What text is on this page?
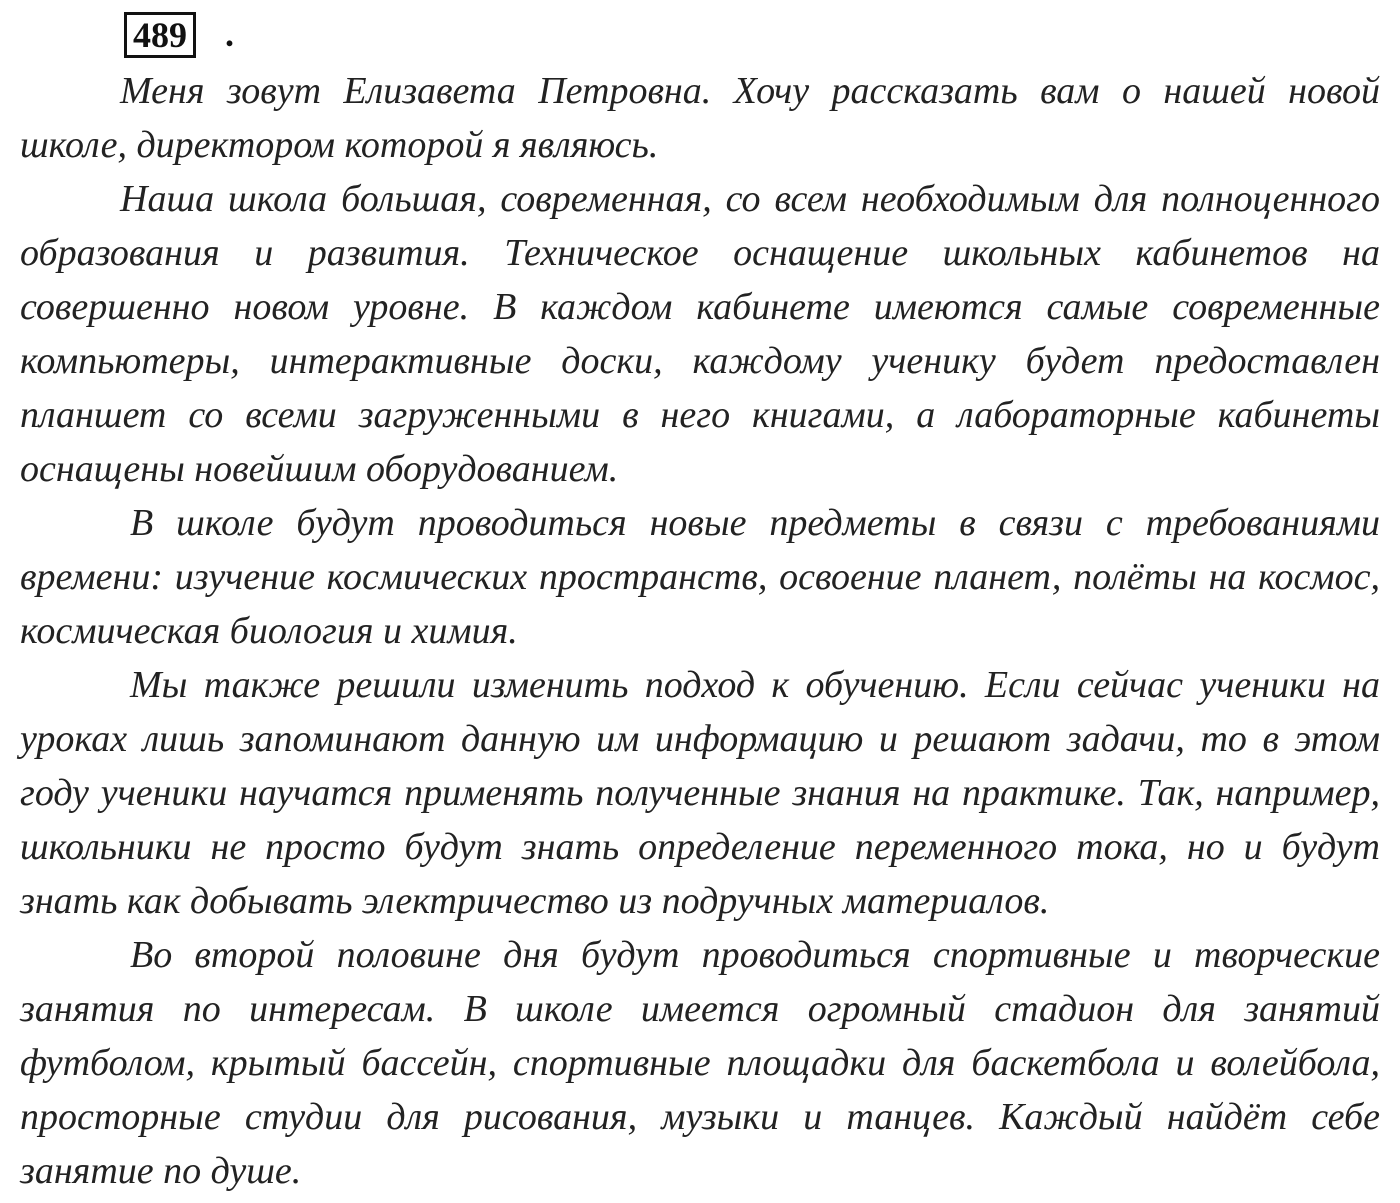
489 .

Меня зовут Елизавета Петровна. Хочу рассказать вам о нашей новой школе, директором которой я являюсь.

Наша школа большая, современная, со всем необходимым для полноценного образования и развития. Техническое оснащение школьных кабинетов на совершенно новом уровне. В каждом кабинете имеются самые современные компьютеры, интерактивные доски, каждому ученику будет предоставлен планшет со всеми загруженными в него книгами, а лабораторные кабинеты оснащены новейшим оборудованием.

В школе будут проводиться новые предметы в связи с требованиями времени: изучение космических пространств, освоение планет, полёты на космос, космическая биология и химия.

Мы также решили изменить подход к обучению. Если сейчас ученики на уроках лишь запоминают данную им информацию и решают задачи, то в этом году ученики научатся применять полученные знания на практике. Так, например, школьники не просто будут знать определение переменного тока, но и будут знать как добывать электричество из подручных материалов.

Во второй половине дня будут проводиться спортивные и творческие занятия по интересам. В школе имеется огромный стадион для занятий футболом, крытый бассейн, спортивные площадки для баскетбола и волейбола, просторные студии для рисования, музыки и танцев. Каждый найдёт себе занятие по душе.
